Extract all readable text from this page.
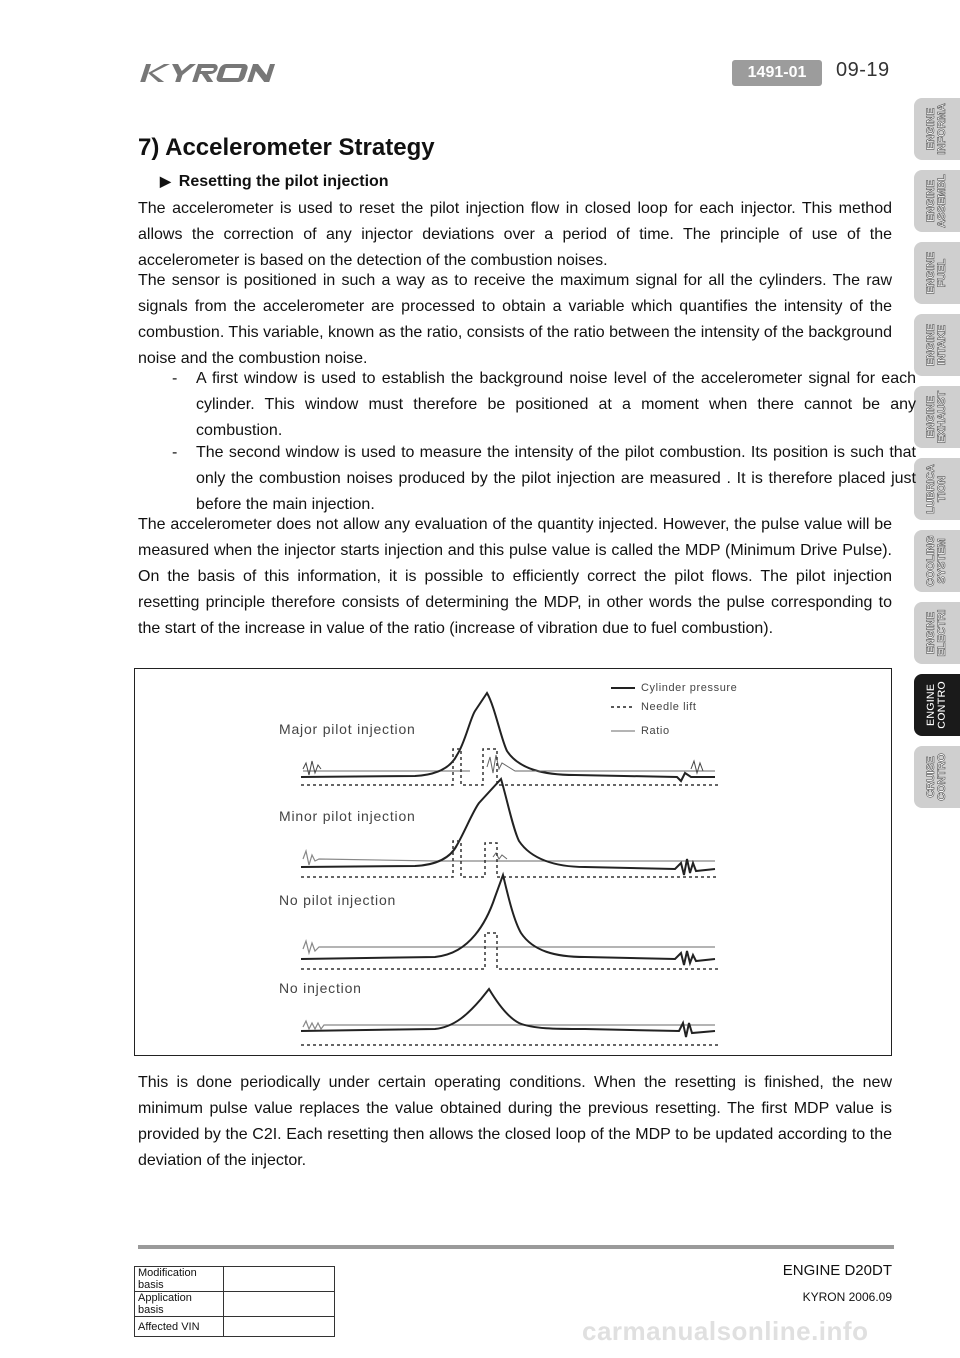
1491-01	09-19
ENGINE
INFORMA
ENGINE
ASSEMBL
ENGINE
FUEL
ENGINE
INTAKE
ENGINE
EXHAUST
LUBRICA
TION
COOLING
SYSTEM
ENGINE
ELECTRI
ENGINE
CONTRO
CRUISE
CONTRO
7) Accelerometer Strategy
▶ Resetting the pilot injection

The accelerometer is used to reset the pilot injection flow in closed loop for each injector. This method allows the correction of any injector deviations over a period of time. The principle of use of the accelerometer is based on the detection of the combustion noises.

The sensor is positioned in such a way as to receive the maximum signal for all the cylinders. The raw signals from the accelerometer are processed to obtain a variable which quantifies the intensity of the combustion. This variable, known as the ratio, consists of the ratio between the intensity of the background noise and the combustion noise.

- A first window is used to establish the background noise level of the accelerometer signal for each cylinder. This window must therefore be positioned at a moment when there cannot be any combustion.

- The second window is used to measure the intensity of the pilot combustion. Its position is such that only the combustion noises produced by the pilot injection are measured . It is therefore placed just before the main injection.

The accelerometer does not allow any evaluation of the quantity injected. However, the pulse value will be measured when the injector starts injection and this pulse value is called the MDP (Minimum Drive Pulse). On the basis of this information, it is possible to efficiently correct the pilot flows. The pilot injection resetting principle therefore consists of determining the MDP, in other words the pulse corresponding to the start of the increase in value of the ratio (increase of vibration due to fuel combustion).

Cylinder pressure
Needle lift
Ratio
Major pilot injection
Minor pilot injection
No pilot injection
No injection

This is done periodically under certain operating conditions. When the resetting is finished, the new minimum pulse value replaces the value obtained during the previous resetting. The first MDP value is provided by the C2I. Each resetting then allows the closed loop of the MDP to be updated according to the deviation of the injector.

ENGINE D20DT
KYRON 2006.09
Modification basis	
Application basis	
Affected VIN		carmanualsonline.info
